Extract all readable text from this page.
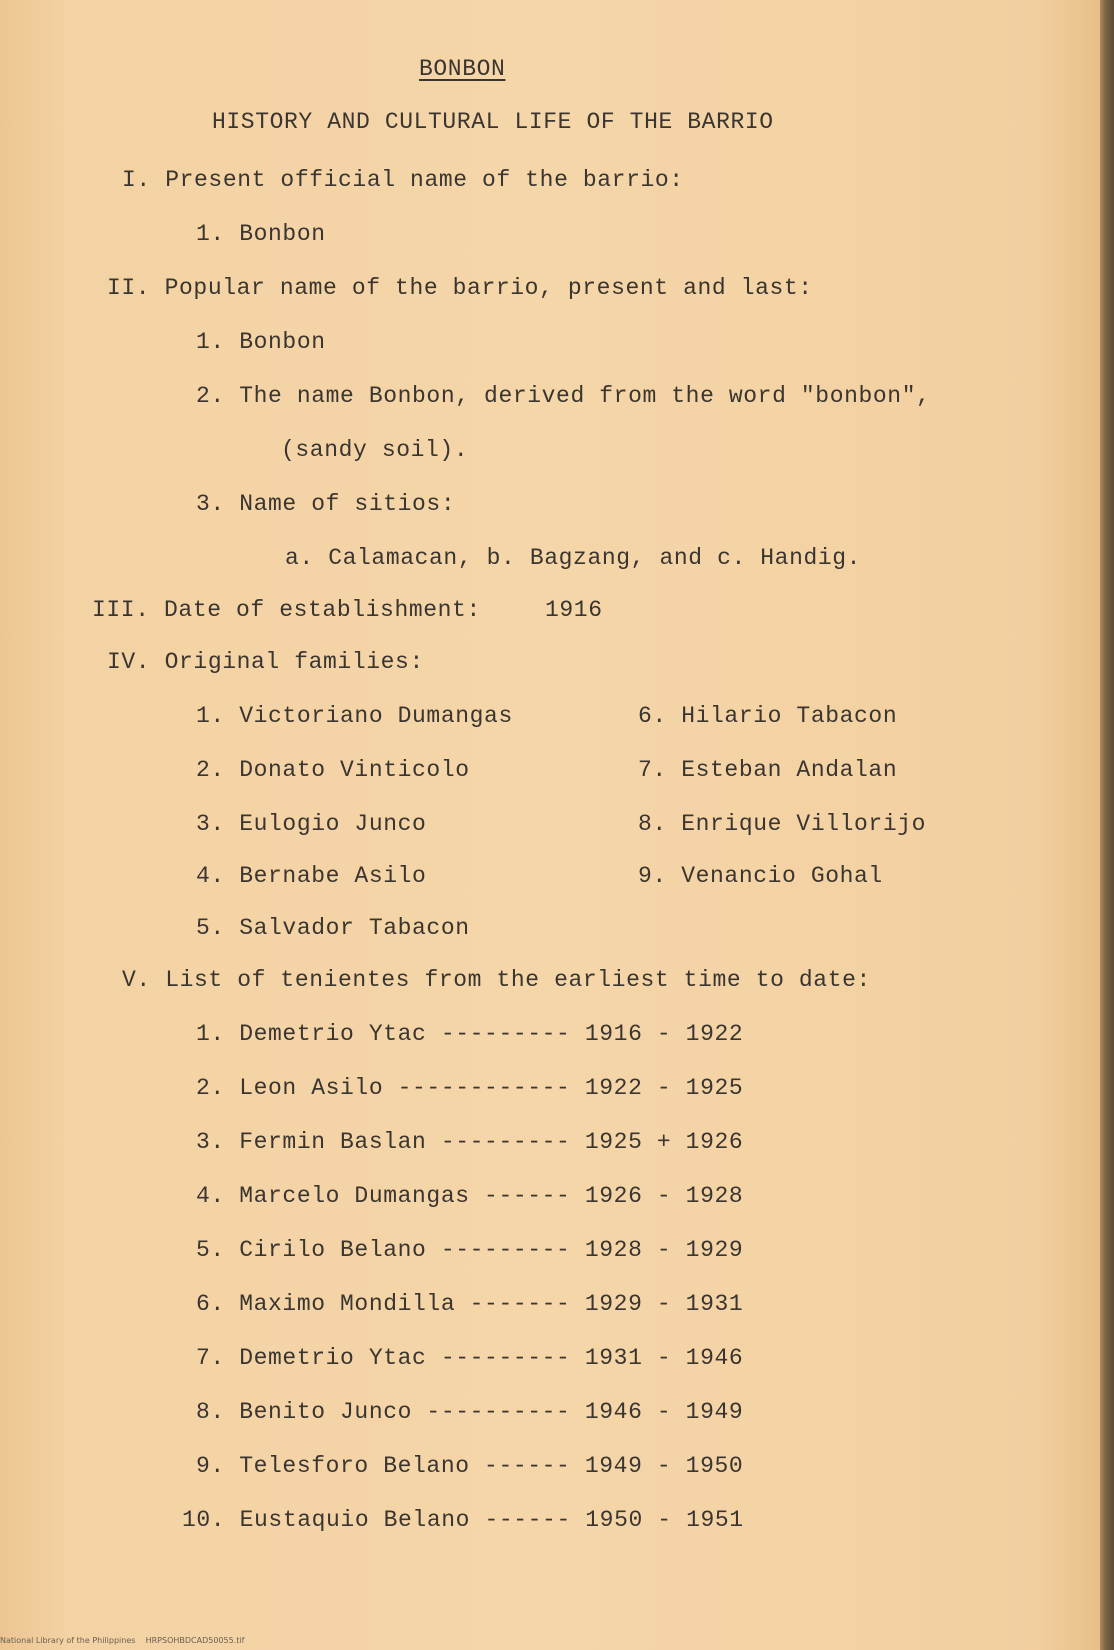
BONBON
HISTORY AND CULTURAL LIFE OF THE BARRIO
I. Present official name of the barrio:
1. Bonbon
II. Popular name of the barrio, present and last:
1. Bonbon
2. The name Bonbon, derived from the word "bonbon",
(sandy soil).
3. Name of sitios:
a. Calamacan, b. Bagzang, and c. Handig.
III. Date of establishment:	1916
IV. Original families:
1. Victoriano Dumangas
2. Donato Vinticolo
3. Eulogio Junco
4. Bernabe Asilo
5. Salvador Tabacon
6. Hilario Tabacon
7. Esteban Andalan
8. Enrique Villorijo
9. Venancio Gohal
V. List of tenientes from the earliest time to date:
1. Demetrio Ytac --------- 1916 - 1922
2. Leon Asilo ------------ 1922 - 1925
3. Fermin Baslan --------- 1925 + 1926
4. Marcelo Dumangas ------ 1926 - 1928
5. Cirilo Belano --------- 1928 - 1929
6. Maximo Mondilla ------- 1929 - 1931
7. Demetrio Ytac --------- 1931 - 1946
8. Benito Junco ---------- 1946 - 1949
9. Telesforo Belano ------ 1949 - 1950
10. Eustaquio Belano ------ 1950 - 1951
National Library of the Philippines    HRPSOHBDCAD50055.tif
